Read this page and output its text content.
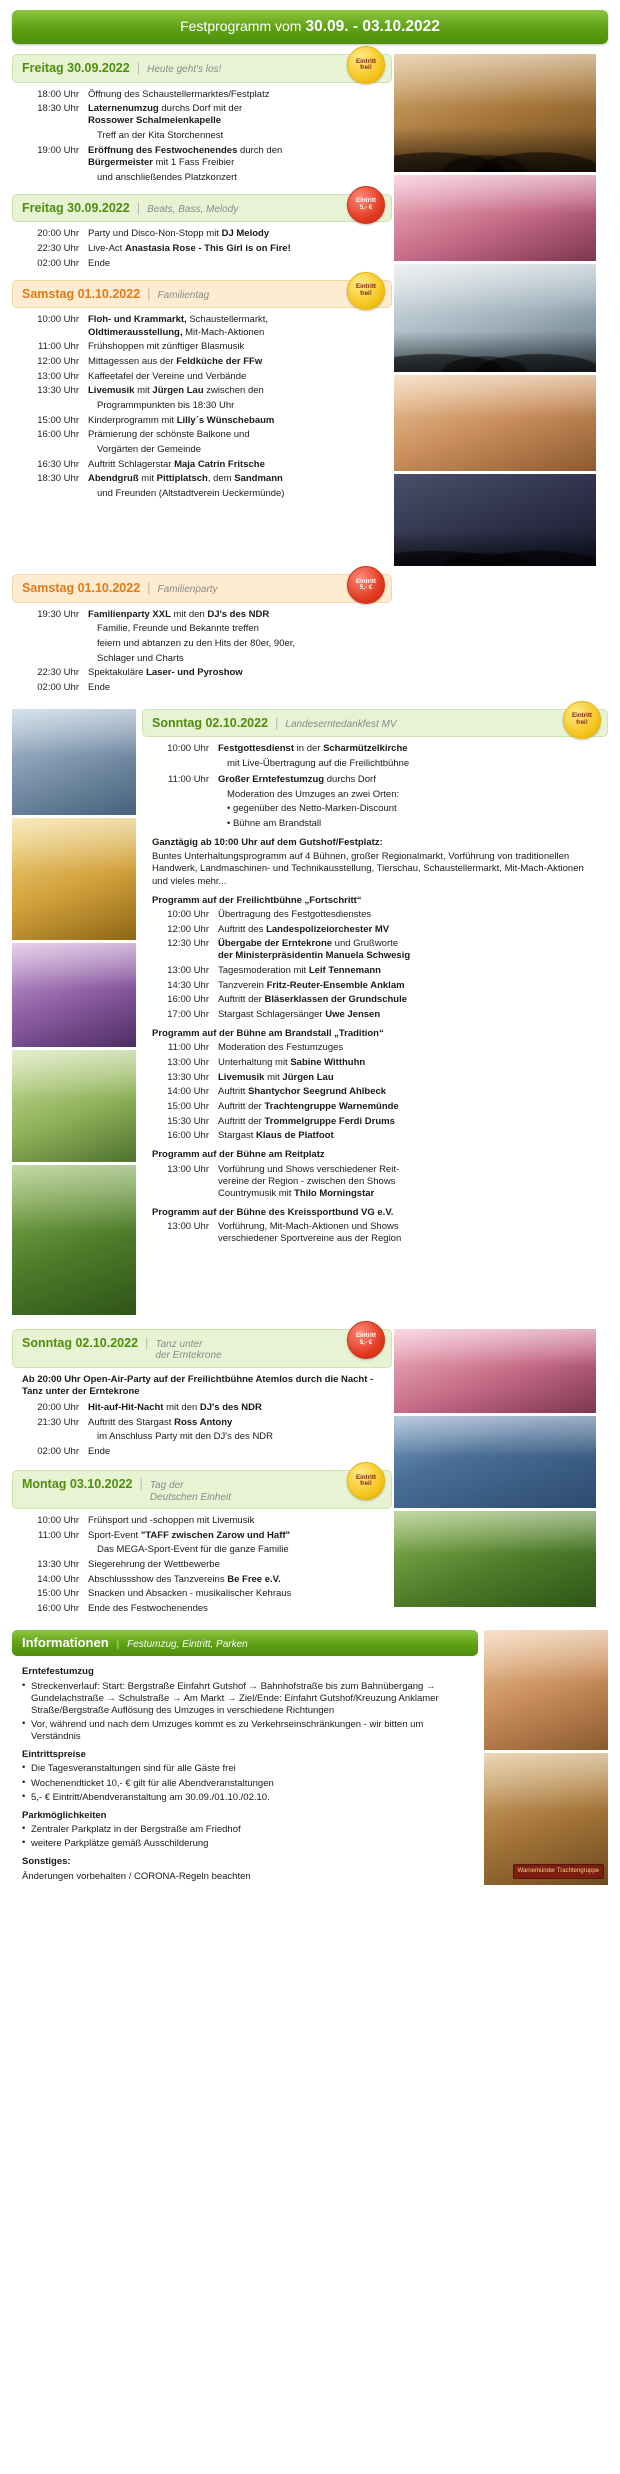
Festprogramm vom 30.09. - 03.10.2022
Freitag 30.09.2022 | Heute geht's los!
Eintritt
frei!
18:00 Uhr Öffnung des Schaustellermarktes/Festplatz
18:30 Uhr Laternenumzug durchs Dorf mit der
Rossower Schalmeienkapelle
Treff an der Kita Storchennest
19:00 Uhr Eröffnung des Festwochenendes durch den
Bürgermeister mit 1 Fass Freibier
und anschließendes Platzkonzert
Freitag 30.09.2022 | Beats, Bass, Melody
Eintritt
5,- €
20:00 Uhr Party und Disco-Non-Stopp mit DJ Melody
22:30 Uhr Live-Act Anastasia Rose - This Girl is on Fire!
02:00 Uhr Ende
Samstag 01.10.2022 | Familientag
Eintritt
frei!
10:00 Uhr Floh- und Krammarkt, Schaustellermarkt,
Oldtimerausstellung, Mit-Mach-Aktionen
11:00 Uhr Frühshoppen mit zünftiger Blasmusik
12:00 Uhr Mittagessen aus der Feldküche der FFw
13:00 Uhr Kaffeetafel der Vereine und Verbände
13:30 Uhr Livemusik mit Jürgen Lau zwischen den
Programmpunkten bis 18:30 Uhr
15:00 Uhr Kinderprogramm mit Lilly´s Wünschebaum
16:00 Uhr Prämierung der schönste Balkone und
Vorgärten der Gemeinde
16:30 Uhr Auftritt Schlagerstar Maja Catrin Fritsche
18:30 Uhr Abendgruß mit Pittiplatsch, dem Sandmann
und Freunden (Altstadtverein Ueckermünde)
Samstag 01.10.2022 | Familienparty
Eintritt
5,- €
19:30 Uhr Familienparty XXL mit den DJ's des NDR
Familie, Freunde und Bekannte treffen
feiern und abtanzen zu den Hits der 80er, 90er,
Schlager und Charts
22:30 Uhr Spektakuläre Laser- und Pyroshow
02:00 Uhr Ende
Sonntag 02.10.2022 | Landeserntedankfest MV
Eintritt
frei!
10:00 Uhr Festgottesdienst in der Scharmützelkirche
mit Live-Übertragung auf die Freilichtbühne
11:00 Uhr Großer Erntefestumzug durchs Dorf
Moderation des Umzuges an zwei Orten:
• gegenüber des Netto-Marken-Discount
• Bühne am Brandstall
Ganztägig ab 10:00 Uhr auf dem Gutshof/Festplatz:
Buntes Unterhaltungsprogramm auf 4 Bühnen, großer Regionalmarkt, Vorführung von traditionellen Handwerk, Landmaschinen- und Technikausstellung, Tierschau, Schaustellermarkt, Mit-Mach-Aktionen und vieles mehr...
Programm auf der Freilichtbühne „Fortschritt“
10:00 Uhr Übertragung des Festgottesdienstes
12:00 Uhr Auftritt des Landespolizeiorchester MV
12:30 Uhr Übergabe der Erntekrone und Grußworte
der Ministerpräsidentin Manuela Schwesig
13:00 Uhr Tagesmoderation mit Leif Tennemann
14:30 Uhr Tanzverein Fritz-Reuter-Ensemble Anklam
16:00 Uhr Auftritt der Bläserklassen der Grundschule
17:00 Uhr Stargast Schlagersänger Uwe Jensen
Programm auf der Bühne am Brandstall „Tradition“
11:00 Uhr Moderation des Festumzuges
13:00 Uhr Unterhaltung mit Sabine Witthuhn
13:30 Uhr Livemusik mit Jürgen Lau
14:00 Uhr Auftritt Shantychor Seegrund Ahlbeck
15:00 Uhr Auftritt der Trachtengruppe Warnemünde
15:30 Uhr Auftritt der Trommelgruppe Ferdi Drums
16:00 Uhr Stargast Klaus de Platfoot
Programm auf der Bühne am Reitplatz
13:00 Uhr Vorführung und Shows verschiedener Reit-
vereine der Region - zwischen den Shows
Countrymusik mit Thilo Morningstar
Programm auf der Bühne des Kreissportbund VG e.V.
13:00 Uhr Vorführung, Mit-Mach-Aktionen und Shows
verschiedener Sportvereine aus der Region
Sonntag 02.10.2022 | Tanz unter
der Erntekrone
Eintritt
5,- €
Ab 20:00 Uhr Open-Air-Party auf der Freilichtbühne Atemlos durch die Nacht - Tanz unter der Erntekrone
20:00 Uhr Hit-auf-Hit-Nacht mit den DJ's des NDR
21:30 Uhr Auftritt des Stargast Ross Antony
im Anschluss Party mit den DJ's des NDR
02:00 Uhr Ende
Montag 03.10.2022 | Tag der
Deutschen Einheit
Eintritt
frei!
10:00 Uhr Frühsport und -schoppen mit Livemusik
11:00 Uhr Sport-Event "TAFF zwischen Zarow und Haff"
Das MEGA-Sport-Event für die ganze Familie
13:30 Uhr Siegerehrung der Wettbewerbe
14:00 Uhr Abschlussshow des Tanzvereins Be Free e.V.
15:00 Uhr Snacken und Absacken - musikalischer Kehraus
16:00 Uhr Ende des Festwochenendes
Informationen | Festumzug, Eintritt, Parken
Erntefestumzug
• Streckenverlauf: Start: Bergstraße Einfahrt Gutshof → Bahnhofstraße bis zum Bahnübergang → Gundelachstraße → Schulstraße → Am Markt → Ziel/Ende: Einfahrt Gutshof/Kreuzung Anklamer Straße/Bergstraße Auflösung des Umzuges in verschiedene Richtungen
• Vor, während und nach dem Umzuges kommt es zu Verkehrseinschränkungen - wir bitten um Verständnis
Eintrittspreise
• Die Tagesveranstaltungen sind für alle Gäste frei
• Wochenendticket 10,- € gilt für alle Abendveranstaltungen
• 5,- € Eintritt/Abendveranstaltung am 30.09./01.10./02.10.
Parkmöglichkeiten
• Zentraler Parkplatz in der Bergstraße am Friedhof
• weitere Parkplätze gemäß Ausschilderung
Sonstiges:
Änderungen vorbehalten / CORONA-Regeln beachten	Warnemünder Trachtengruppe
